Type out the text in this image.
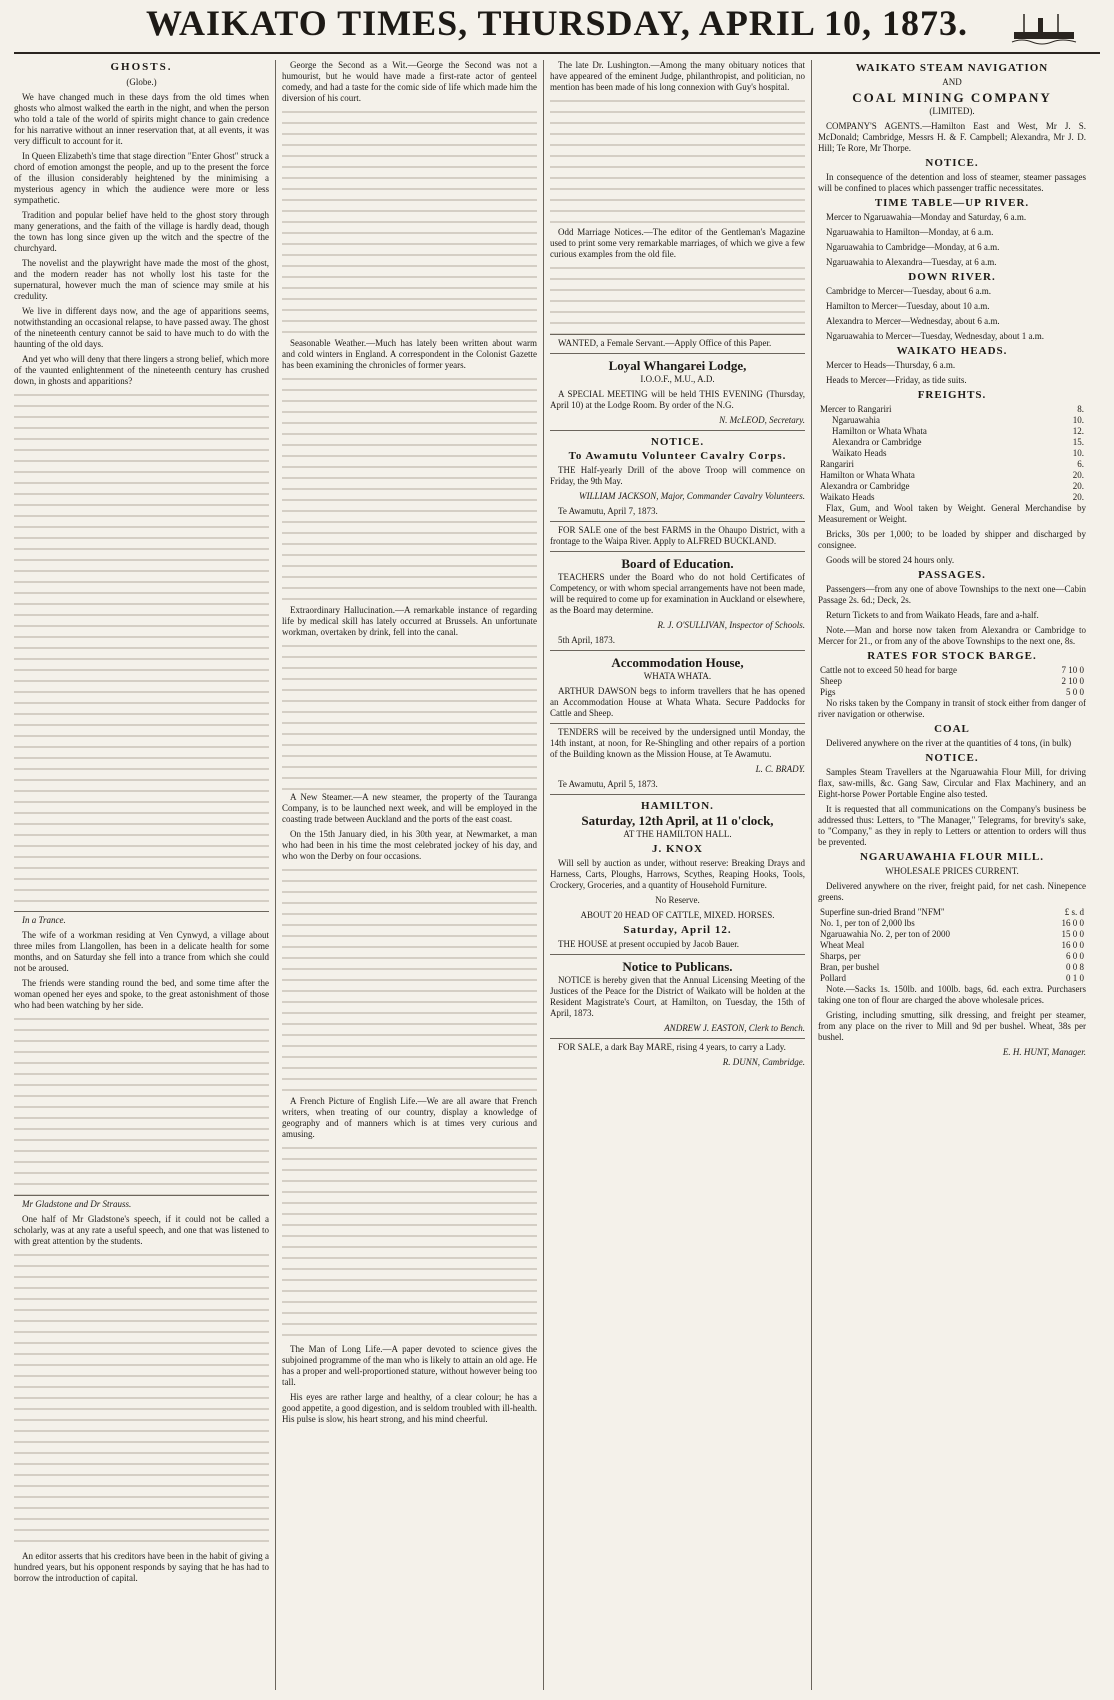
WAIKATO TIMES, THURSDAY, APRIL 10, 1873.
GHOSTS.

(Globe.)

We have changed much in these days from the old times when ghosts who almost walked the earth in the night, and when the person who told a tale of the world of spirits might chance to gain credence for his narrative without an inner reservation that, at all events, it was very difficult to account for it.

In Queen Elizabeth's time that stage direction "Enter Ghost" struck a chord of emotion amongst the people, and up to the present the force of the illusion considerably heightened by the minimising a mysterious agency in which the audience were more or less sympathetic.

Tradition and popular belief have held to the ghost story through many generations, and the faith of the village is hardly dead, though the town has long since given up the witch and the spectre of the churchyard.

The novelist and the playwright have made the most of the ghost, and the modern reader has not wholly lost his taste for the supernatural, however much the man of science may smile at his credulity.

We live in different days now, and the age of apparitions seems, notwithstanding an occasional relapse, to have passed away. The ghost of the nineteenth century cannot be said to have much to do with the haunting of the old days.

And yet who will deny that there lingers a strong belief, which more of the vaunted enlightenment of the nineteenth century has crushed down, in ghosts and apparitions?

In a Trance.

The wife of a workman residing at Ven Cynwyd, a village about three miles from Llangollen, has been in a delicate health for some months, and on Saturday she fell into a trance from which she could not be aroused.

The friends were standing round the bed, and some time after the woman opened her eyes and spoke, to the great astonishment of those who had been watching by her side.

Mr Gladstone and Dr Strauss.

One half of Mr Gladstone's speech, if it could not be called a scholarly, was at any rate a useful speech, and one that was listened to with great attention by the students.

An editor asserts that his creditors have been in the habit of giving a hundred years, but his opponent responds by saying that he has had to borrow the introduction of capital.

George the Second as a Wit.—George the Second was not a humourist, but he would have made a first-rate actor of genteel comedy, and had a taste for the comic side of life which made him the diversion of his court.

Seasonable Weather.—Much has lately been written about warm and cold winters in England. A correspondent in the Colonist Gazette has been examining the chronicles of former years.

Extraordinary Hallucination.—A remarkable instance of regarding life by medical skill has lately occurred at Brussels. An unfortunate workman, overtaken by drink, fell into the canal.

A New Steamer.—A new steamer, the property of the Tauranga Company, is to be launched next week, and will be employed in the coasting trade between Auckland and the ports of the east coast.

On the 15th January died, in his 30th year, at Newmarket, a man who had been in his time the most celebrated jockey of his day, and who won the Derby on four occasions.

A French Picture of English Life.—We are all aware that French writers, when treating of our country, display a knowledge of geography and of manners which is at times very curious and amusing.

The Man of Long Life.—A paper devoted to science gives the subjoined programme of the man who is likely to attain an old age. He has a proper and well-proportioned stature, without however being too tall.

His eyes are rather large and healthy, of a clear colour; he has a good appetite, a good digestion, and is seldom troubled with ill-health. His pulse is slow, his heart strong, and his mind cheerful.

The late Dr. Lushington.—Among the many obituary notices that have appeared of the eminent Judge, philanthropist, and politician, no mention has been made of his long connexion with Guy's hospital.

Odd Marriage Notices.—The editor of the Gentleman's Magazine used to print some very remarkable marriages, of which we give a few curious examples from the old file.

WANTED, a Female Servant.—Apply Office of this Paper.

Loyal Whangarei Lodge,

I.O.O.F., M.U., A.D.

A SPECIAL MEETING will be held THIS EVENING (Thursday, April 10) at the Lodge Room. By order of the N.G.

N. McLEOD, Secretary.
NOTICE.
To Awamutu Volunteer Cavalry Corps.

THE Half-yearly Drill of the above Troop will commence on Friday, the 9th May.

WILLIAM JACKSON, Major, Commander Cavalry Volunteers.

Te Awamutu, April 7, 1873.

FOR SALE one of the best FARMS in the Ohaupo District, with a frontage to the Waipa River. Apply to ALFRED BUCKLAND.

Board of Education.

TEACHERS under the Board who do not hold Certificates of Competency, or with whom special arrangements have not been made, will be required to come up for examination in Auckland or elsewhere, as the Board may determine.

R. J. O'SULLIVAN, Inspector of Schools.

5th April, 1873.

Accommodation House,

WHATA WHATA.

ARTHUR DAWSON begs to inform travellers that he has opened an Accommodation House at Whata Whata. Secure Paddocks for Cattle and Sheep.

TENDERS will be received by the undersigned until Monday, the 14th instant, at noon, for Re-Shingling and other repairs of a portion of the Building known as the Mission House, at Te Awamutu.

L. C. BRADY.

Te Awamutu, April 5, 1873.

HAMILTON.
Saturday, 12th April, at 11 o'clock,

AT THE HAMILTON HALL.

J. KNOX

Will sell by auction as under, without reserve: Breaking Drays and Harness, Carts, Ploughs, Harrows, Scythes, Reaping Hooks, Tools, Crockery, Groceries, and a quantity of Household Furniture.

No Reserve.

ABOUT 20 HEAD OF CATTLE, MIXED. HORSES.

Saturday, April 12.

THE HOUSE at present occupied by Jacob Bauer.

Notice to Publicans.

NOTICE is hereby given that the Annual Licensing Meeting of the Justices of the Peace for the District of Waikato will be holden at the Resident Magistrate's Court, at Hamilton, on Tuesday, the 15th of April, 1873.

ANDREW J. EASTON, Clerk to Bench.

FOR SALE, a dark Bay MARE, rising 4 years, to carry a Lady.

R. DUNN, Cambridge.
WAIKATO STEAM NAVIGATION

AND

COAL MINING COMPANY

(LIMITED).

COMPANY'S AGENTS.—Hamilton East and West, Mr J. S. McDonald; Cambridge, Messrs H. & F. Campbell; Alexandra, Mr J. D. Hill; Te Rore, Mr Thorpe.

NOTICE.

In consequence of the detention and loss of steamer, steamer passages will be confined to places which passenger traffic necessitates.

TIME TABLE—UP RIVER.

Mercer to Ngaruawahia—Monday and Saturday, 6 a.m.

Ngaruawahia to Hamilton—Monday, at 6 a.m.

Ngaruawahia to Cambridge—Monday, at 6 a.m.

Ngaruawahia to Alexandra—Tuesday, at 6 a.m.

DOWN RIVER.

Cambridge to Mercer—Tuesday, about 6 a.m.

Hamilton to Mercer—Tuesday, about 10 a.m.

Alexandra to Mercer—Wednesday, about 6 a.m.

Ngaruawahia to Mercer—Tuesday, Wednesday, about 1 a.m.

WAIKATO HEADS.

Mercer to Heads—Thursday, 6 a.m.

Heads to Mercer—Friday, as tide suits.

FREIGHTS.
Mercer to Rangariri	8.
Ngaruawahia	10.
Hamilton or Whata Whata	12.
Alexandra or Cambridge	15.
Waikato Heads	10.
Rangariri	6.
Hamilton or Whata Whata	20.
Alexandra or Cambridge	20.
Waikato Heads	20.

Flax, Gum, and Wool taken by Weight. General Merchandise by Measurement or Weight.

Bricks, 30s per 1,000; to be loaded by shipper and discharged by consignee.

Goods will be stored 24 hours only.

PASSAGES.

Passengers—from any one of above Townships to the next one—Cabin Passage 2s. 6d.; Deck, 2s.

Return Tickets to and from Waikato Heads, fare and a-half.

Note.—Man and horse now taken from Alexandra or Cambridge to Mercer for 21., or from any of the above Townships to the next one, 8s.

RATES FOR STOCK BARGE.
Cattle not to exceed 50 head for barge	7 10 0
Sheep	2 10 0
Pigs	5 0 0

No risks taken by the Company in transit of stock either from danger of river navigation or otherwise.

COAL

Delivered anywhere on the river at the quantities of 4 tons, (in bulk)

NOTICE.

Samples Steam Travellers at the Ngaruawahia Flour Mill, for driving flax, saw-mills, &c. Gang Saw, Circular and Flax Machinery, and an Eight-horse Power Portable Engine also tested.

It is requested that all communications on the Company's business be addressed thus: Letters, to "The Manager," Telegrams, for brevity's sake, to "Company," as they in reply to Letters or attention to orders will thus be prevented.

NGARUAWAHIA FLOUR MILL.

WHOLESALE PRICES CURRENT.

Delivered anywhere on the river, freight paid, for net cash. Ninepence greens.

Superfine sun-dried Brand "NFM"	£ s. d
No. 1, per ton of 2,000 lbs	16 0 0
Ngaruawahia No. 2, per ton of 2000	15 0 0
Wheat Meal	16 0 0
Sharps, per	6 0 0
Bran, per bushel	0 0 8
Pollard	0 1 0

Note.—Sacks 1s. 150lb. and 100lb. bags, 6d. each extra. Purchasers taking one ton of flour are charged the above wholesale prices.

Gristing, including smutting, silk dressing, and freight per steamer, from any place on the river to Mill and 9d per bushel. Wheat, 38s per bushel.

E. H. HUNT, Manager.
